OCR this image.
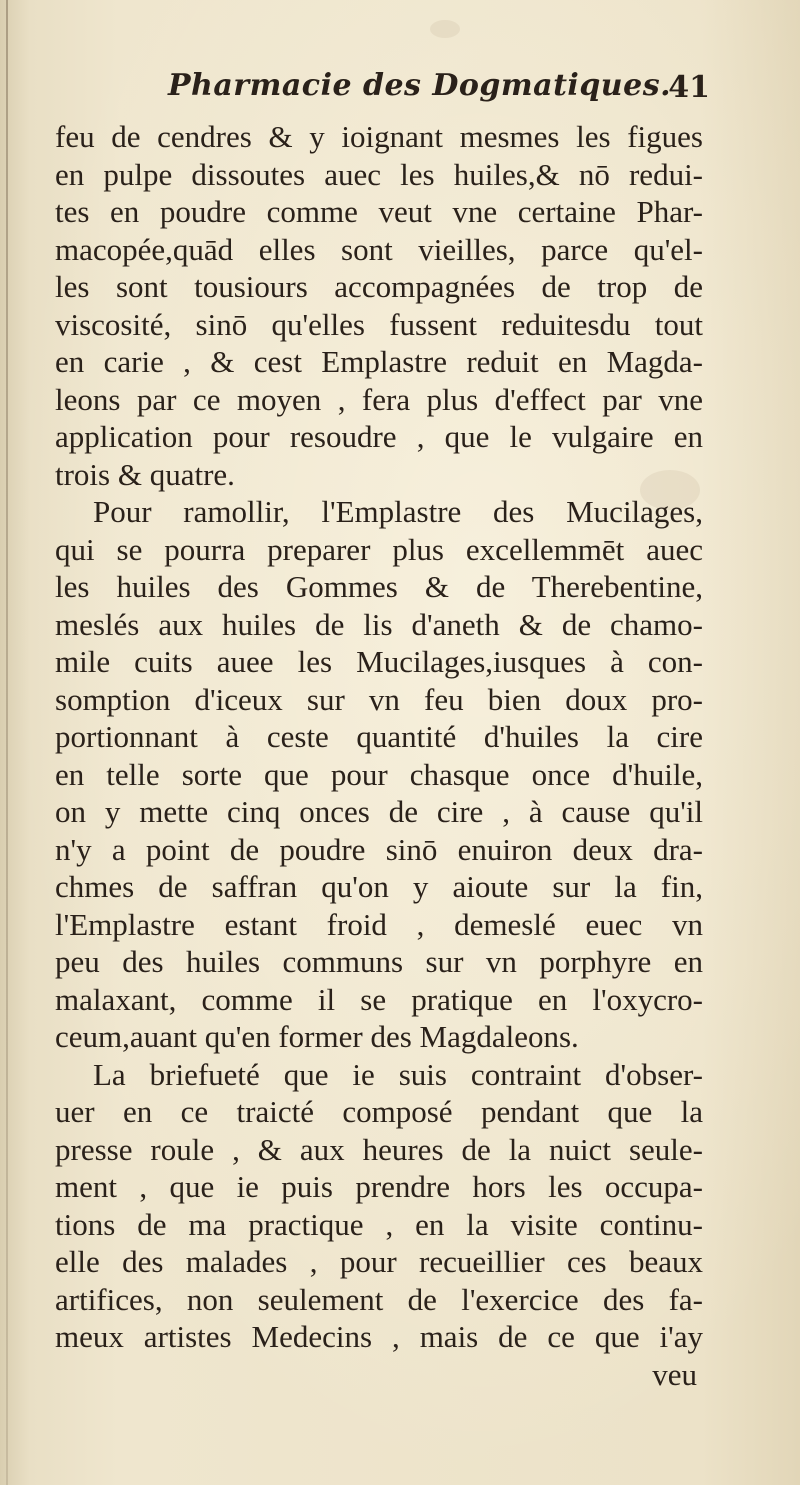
Pharmacie des Dogmatiques.
41
feu de cendres & y ioignant mesmes les figues
en pulpe dissoutes auec les huiles,& nō redui-
tes en poudre comme veut vne certaine Phar-
macopée,quād elles sont vieilles, parce qu'el-
les sont tousiours accompagnées de trop de
viscosité, sinō qu'elles fussent reduitesdu tout
en carie , & cest Emplastre reduit en Magda-
leons par ce moyen , fera plus d'effect par vne
application pour resoudre , que le vulgaire en
trois & quatre.
Pour ramollir, l'Emplastre des Mucilages,
qui se pourra preparer plus excellemmēt auec
les huiles des Gommes & de Therebentine,
meslés aux huiles de lis d'aneth & de chamo-
mile cuits auee les Mucilages,iusques à con-
somption d'iceux sur vn feu bien doux pro-
portionnant à ceste quantité d'huiles la cire
en telle sorte que pour chasque once d'huile,
on y mette cinq onces de cire , à cause qu'il
n'y a point de poudre sinō enuiron deux dra-
chmes de saffran qu'on y aioute sur la fin,
l'Emplastre estant froid , demeslé euec vn
peu des huiles communs sur vn porphyre en
malaxant, comme il se pratique en l'oxycro-
ceum,auant qu'en former des Magdaleons.
La briefueté que ie suis contraint d'obser-
uer en ce traicté composé pendant que la
presse roule , & aux heures de la nuict seule-
ment , que ie puis prendre hors les occupa-
tions de ma practique , en la visite continu-
elle des malades , pour recueillier ces beaux
artifices, non seulement de l'exercice des fa-
meux artistes Medecins , mais de ce que i'ay
veu
